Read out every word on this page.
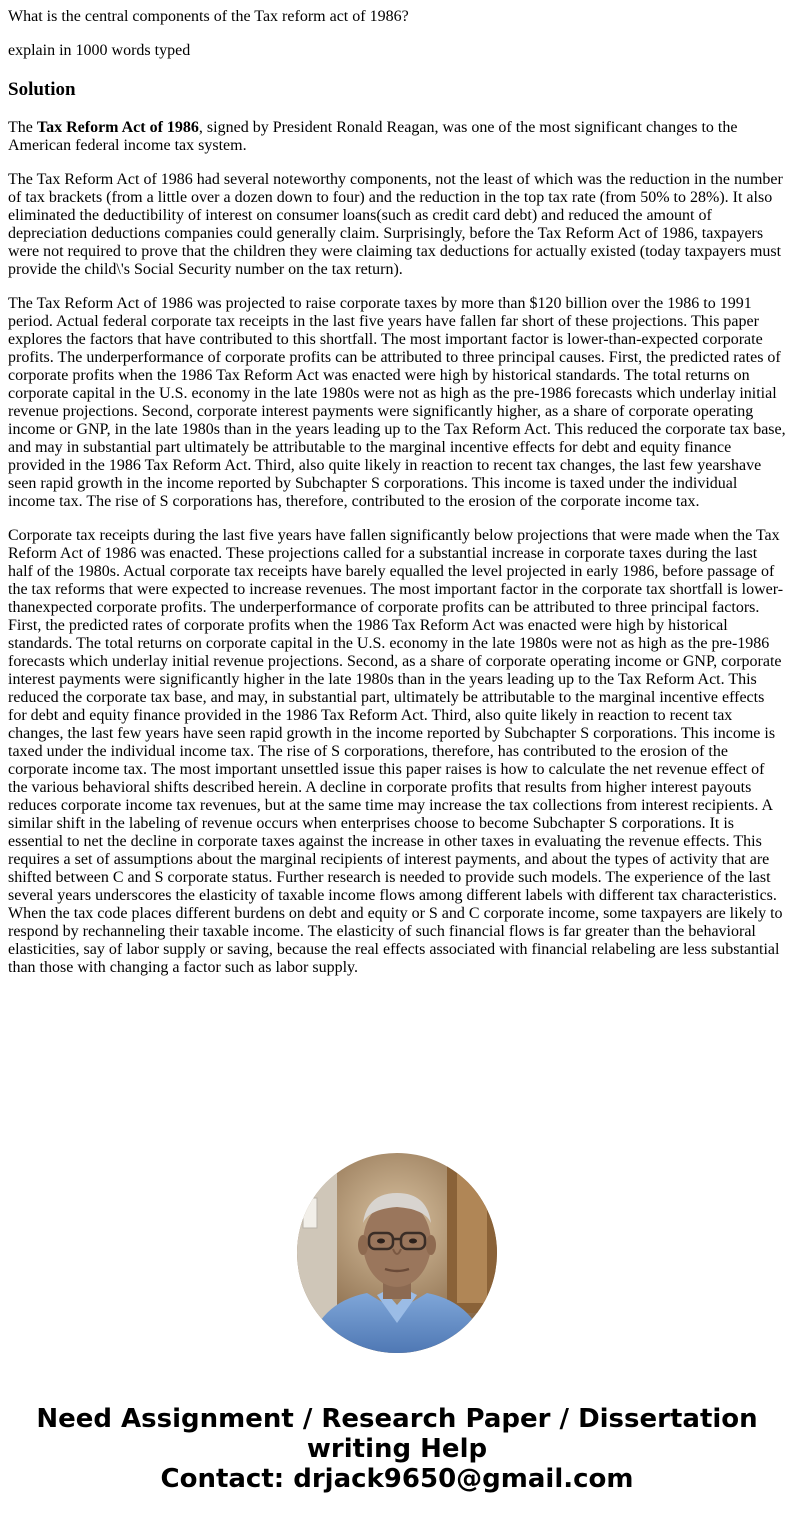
What is the central components of the Tax reform act of 1986?

explain in 1000 words typed

Solution

The Tax Reform Act of 1986, signed by President Ronald Reagan, was one of the most significant changes to the American federal income tax system.

The Tax Reform Act of 1986 had several noteworthy components, not the least of which was the reduction in the number of tax brackets (from a little over a dozen down to four) and the reduction in the top tax rate (from 50% to 28%). It also eliminated the deductibility of interest on consumer loans(such as credit card debt) and reduced the amount of depreciation deductions companies could generally claim. Surprisingly, before the Tax Reform Act of 1986, taxpayers were not required to prove that the children they were claiming tax deductions for actually existed (today taxpayers must provide the child\'s Social Security number on the tax return).

The Tax Reform Act of 1986 was projected to raise corporate taxes by more than $120 billion over the 1986 to 1991 period. Actual federal corporate tax receipts in the last five years have fallen far short of these projections. This paper explores the factors that have contributed to this shortfall. The most important factor is lower-than-expected corporate profits. The underperformance of corporate profits can be attributed to three principal causes. First, the predicted rates of corporate profits when the 1986 Tax Reform Act was enacted were high by historical standards. The total returns on corporate capital in the U.S. economy in the late 1980s were not as high as the pre-1986 forecasts which underlay initial revenue projections. Second, corporate interest payments were significantly higher, as a share of corporate operating income or GNP, in the late 1980s than in the years leading up to the Tax Reform Act. This reduced the corporate tax base, and may in substantial part ultimately be attributable to the marginal incentive effects for debt and equity finance provided in the 1986 Tax Reform Act. Third, also quite likely in reaction to recent tax changes, the last few yearshave seen rapid growth in the income reported by Subchapter S corporations. This income is taxed under the individual income tax. The rise of S corporations has, therefore, contributed to the erosion of the corporate income tax.

Corporate tax receipts during the last five years have fallen significantly below projections that were made when the Tax Reform Act of 1986 was enacted. These projections called for a substantial increase in corporate taxes during the last half of the 1980s. Actual corporate tax receipts have barely equalled the level projected in early 1986, before passage of the tax reforms that were expected to increase revenues. The most important factor in the corporate tax shortfall is lower-thanexpected corporate profits. The underperformance of corporate profits can be attributed to three principal factors. First, the predicted rates of corporate profits when the 1986 Tax Reform Act was enacted were high by historical standards. The total returns on corporate capital in the U.S. economy in the late 1980s were not as high as the pre-1986 forecasts which underlay initial revenue projections. Second, as a share of corporate operating income or GNP, corporate interest payments were significantly higher in the late 1980s than in the years leading up to the Tax Reform Act. This reduced the corporate tax base, and may, in substantial part, ultimately be attributable to the marginal incentive effects for debt and equity finance provided in the 1986 Tax Reform Act. Third, also quite likely in reaction to recent tax changes, the last few years have seen rapid growth in the income reported by Subchapter S corporations. This income is taxed under the individual income tax. The rise of S corporations, therefore, has contributed to the erosion of the corporate income tax. The most important unsettled issue this paper raises is how to calculate the net revenue effect of the various behavioral shifts described herein. A decline in corporate profits that results from higher interest payouts reduces corporate income tax revenues, but at the same time may increase the tax collections from interest recipients. A similar shift in the labeling of revenue occurs when enterprises choose to become Subchapter S corporations. It is essential to net the decline in corporate taxes against the increase in other taxes in evaluating the revenue effects. This requires a set of assumptions about the marginal recipients of interest payments, and about the types of activity that are shifted between C and S corporate status. Further research is needed to provide such models. The experience of the last several years underscores the elasticity of taxable income flows among different labels with different tax characteristics. When the tax code places different burdens on debt and equity or S and C corporate income, some taxpayers are likely to respond by rechanneling their taxable income. The elasticity of such financial flows is far greater than the behavioral elasticities, say of labor supply or saving, because the real effects associated with financial relabeling are less substantial than those with changing a factor such as labor supply.

Need Assignment / Research Paper / Dissertation
writing Help
Contact: drjack9650@gmail.com
